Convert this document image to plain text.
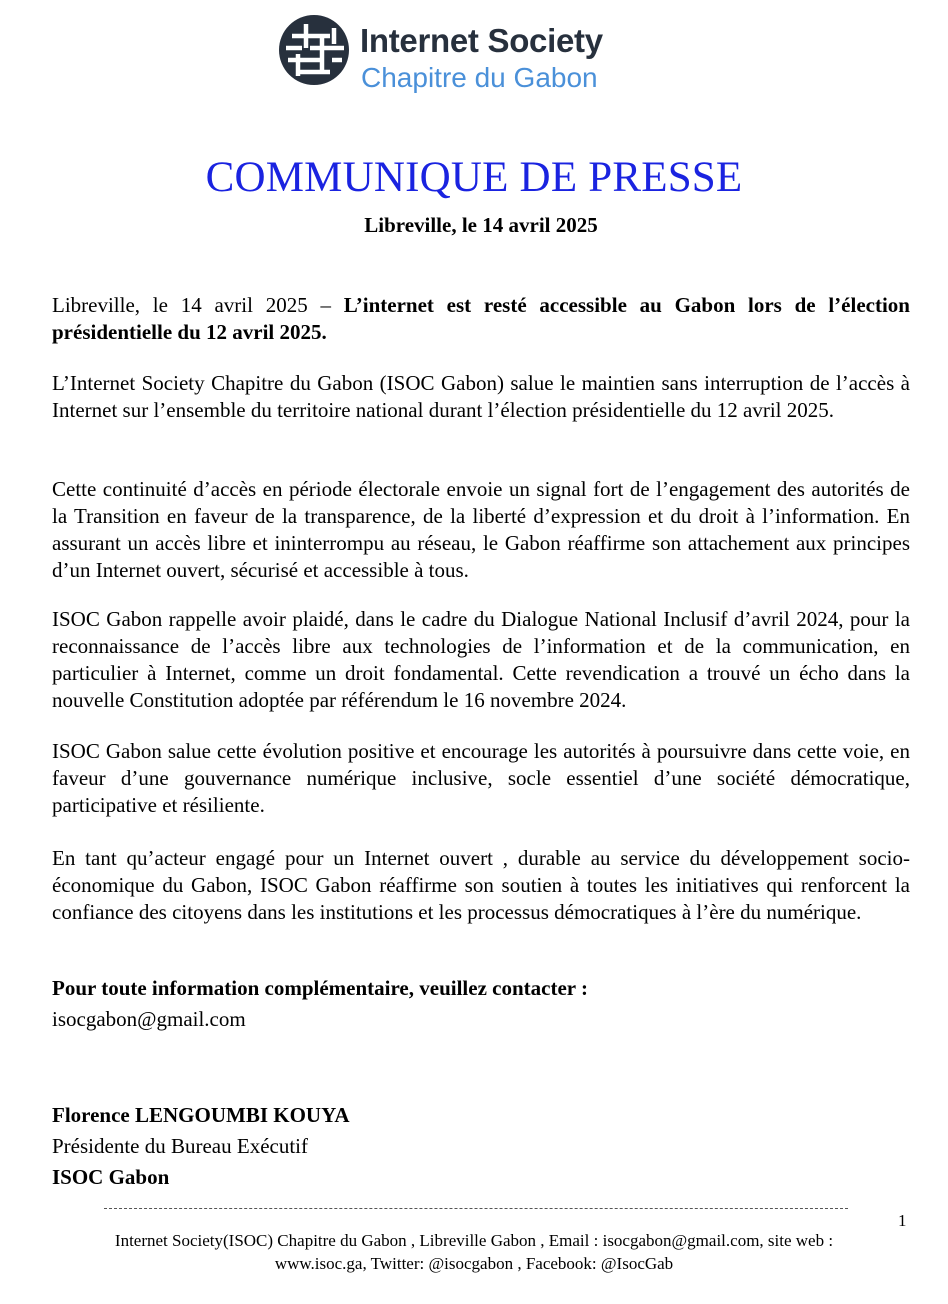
Internet Society
Chapitre du Gabon
COMMUNIQUE DE PRESSE
Libreville, le 14 avril 2025
Libreville, le 14 avril 2025 – L’internet est resté accessible au Gabon lors de l’élection présidentielle du 12 avril 2025.
L’Internet Society Chapitre du Gabon (ISOC Gabon) salue le maintien sans interruption de l’accès à Internet sur l’ensemble du territoire national durant l’élection présidentielle du 12 avril 2025.
Cette continuité d’accès en période électorale envoie un signal fort de l’engagement des autorités de la Transition en faveur de la transparence, de la liberté d’expression et du droit à l’information. En assurant un accès libre et ininterrompu au réseau, le Gabon réaffirme son attachement aux principes d’un Internet ouvert, sécurisé et accessible à tous.
ISOC Gabon rappelle avoir plaidé, dans le cadre du Dialogue National Inclusif d’avril 2024, pour la reconnaissance de l’accès libre aux technologies de l’information et de la communication, en particulier à Internet, comme un droit fondamental. Cette revendication a trouvé un écho dans la nouvelle Constitution adoptée par référendum le 16 novembre 2024.
ISOC Gabon salue cette évolution positive et encourage les autorités à poursuivre dans cette voie, en faveur d’une gouvernance numérique inclusive, socle essentiel d’une société démocratique, participative et résiliente.
En tant qu’acteur engagé pour un Internet ouvert , durable au service du développement socio-économique du Gabon, ISOC Gabon réaffirme son soutien à toutes les initiatives qui renforcent la confiance des citoyens dans les institutions et les processus démocratiques à l’ère du numérique.
Pour toute information complémentaire, veuillez contacter :
isocgabon@gmail.com
Florence LENGOUMBI KOUYA
Présidente du Bureau Exécutif
ISOC Gabon
1
Internet Society(ISOC) Chapitre du Gabon , Libreville Gabon , Email : isocgabon@gmail.com, site web :
www.isoc.ga, Twitter: @isocgabon , Facebook: @IsocGab
